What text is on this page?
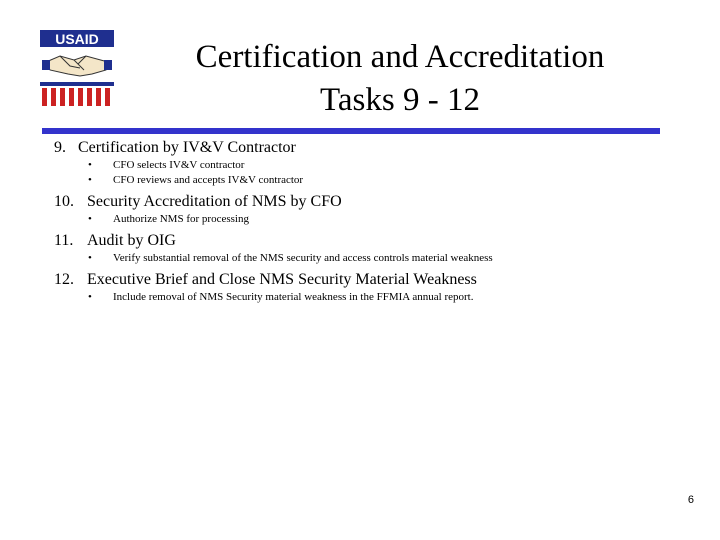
USAID	Certification and Accreditation
Tasks 9 - 12
9. Certification by IV&V Contractor
• CFO selects IV&V contractor
• CFO reviews and accepts IV&V contractor
10. Security Accreditation of NMS by CFO
• Authorize NMS for processing
11. Audit by OIG
• Verify substantial removal of the NMS security and access controls material weakness
12. Executive Brief and Close NMS Security Material Weakness
• Include removal of NMS Security material weakness in the FFMIA annual report.
6
